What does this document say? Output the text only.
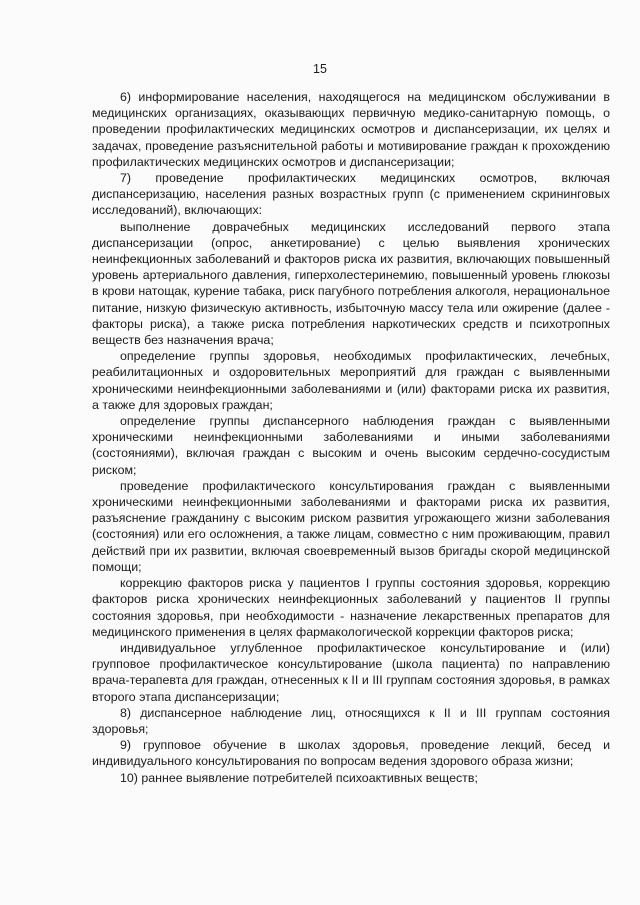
15

6) информирование населения, находящегося на медицинском обслуживании в медицинских организациях, оказывающих первичную медико-санитарную помощь, о проведении профилактических медицинских осмотров и диспансеризации, их целях и задачах, проведение разъяснительной работы и мотивирование граждан к прохождению профилактических медицинских осмотров и диспансеризации;

7) проведение профилактических медицинских осмотров, включая диспансеризацию, населения разных возрастных групп (с применением скрининговых исследований), включающих:

выполнение доврачебных медицинских исследований первого этапа диспансеризации (опрос, анкетирование) с целью выявления хронических неинфекционных заболеваний и факторов риска их развития, включающих повышенный уровень артериального давления, гиперхолестеринемию, повышенный уровень глюкозы в крови натощак, курение табака, риск пагубного потребления алкоголя, нерациональное питание, низкую физическую активность, избыточную массу тела или ожирение (далее - факторы риска), а также риска потребления наркотических средств и психотропных веществ без назначения врача;

определение группы здоровья, необходимых профилактических, лечебных, реабилитационных и оздоровительных мероприятий для граждан с выявленными хроническими неинфекционными заболеваниями и (или) факторами риска их развития, а также для здоровых граждан;

определение группы диспансерного наблюдения граждан с выявленными хроническими неинфекционными заболеваниями и иными заболеваниями (состояниями), включая граждан с высоким и очень высоким сердечно-сосудистым риском;

проведение профилактического консультирования граждан с выявленными хроническими неинфекционными заболеваниями и факторами риска их развития, разъяснение гражданину с высоким риском развития угрожающего жизни заболевания (состояния) или его осложнения, а также лицам, совместно с ним проживающим, правил действий при их развитии, включая своевременный вызов бригады скорой медицинской помощи;

коррекцию факторов риска у пациентов I группы состояния здоровья, коррекцию факторов риска хронических неинфекционных заболеваний у пациентов II группы состояния здоровья, при необходимости - назначение лекарственных препаратов для медицинского применения в целях фармакологической коррекции факторов риска;

индивидуальное углубленное профилактическое консультирование и (или) групповое профилактическое консультирование (школа пациента) по направлению врача-терапевта для граждан, отнесенных к II и III группам состояния здоровья, в рамках второго этапа диспансеризации;

8) диспансерное наблюдение лиц, относящихся к II и III группам состояния здоровья;

9) групповое обучение в школах здоровья, проведение лекций, бесед и индивидуального консультирования по вопросам ведения здорового образа жизни;

10) раннее выявление потребителей психоактивных веществ;
